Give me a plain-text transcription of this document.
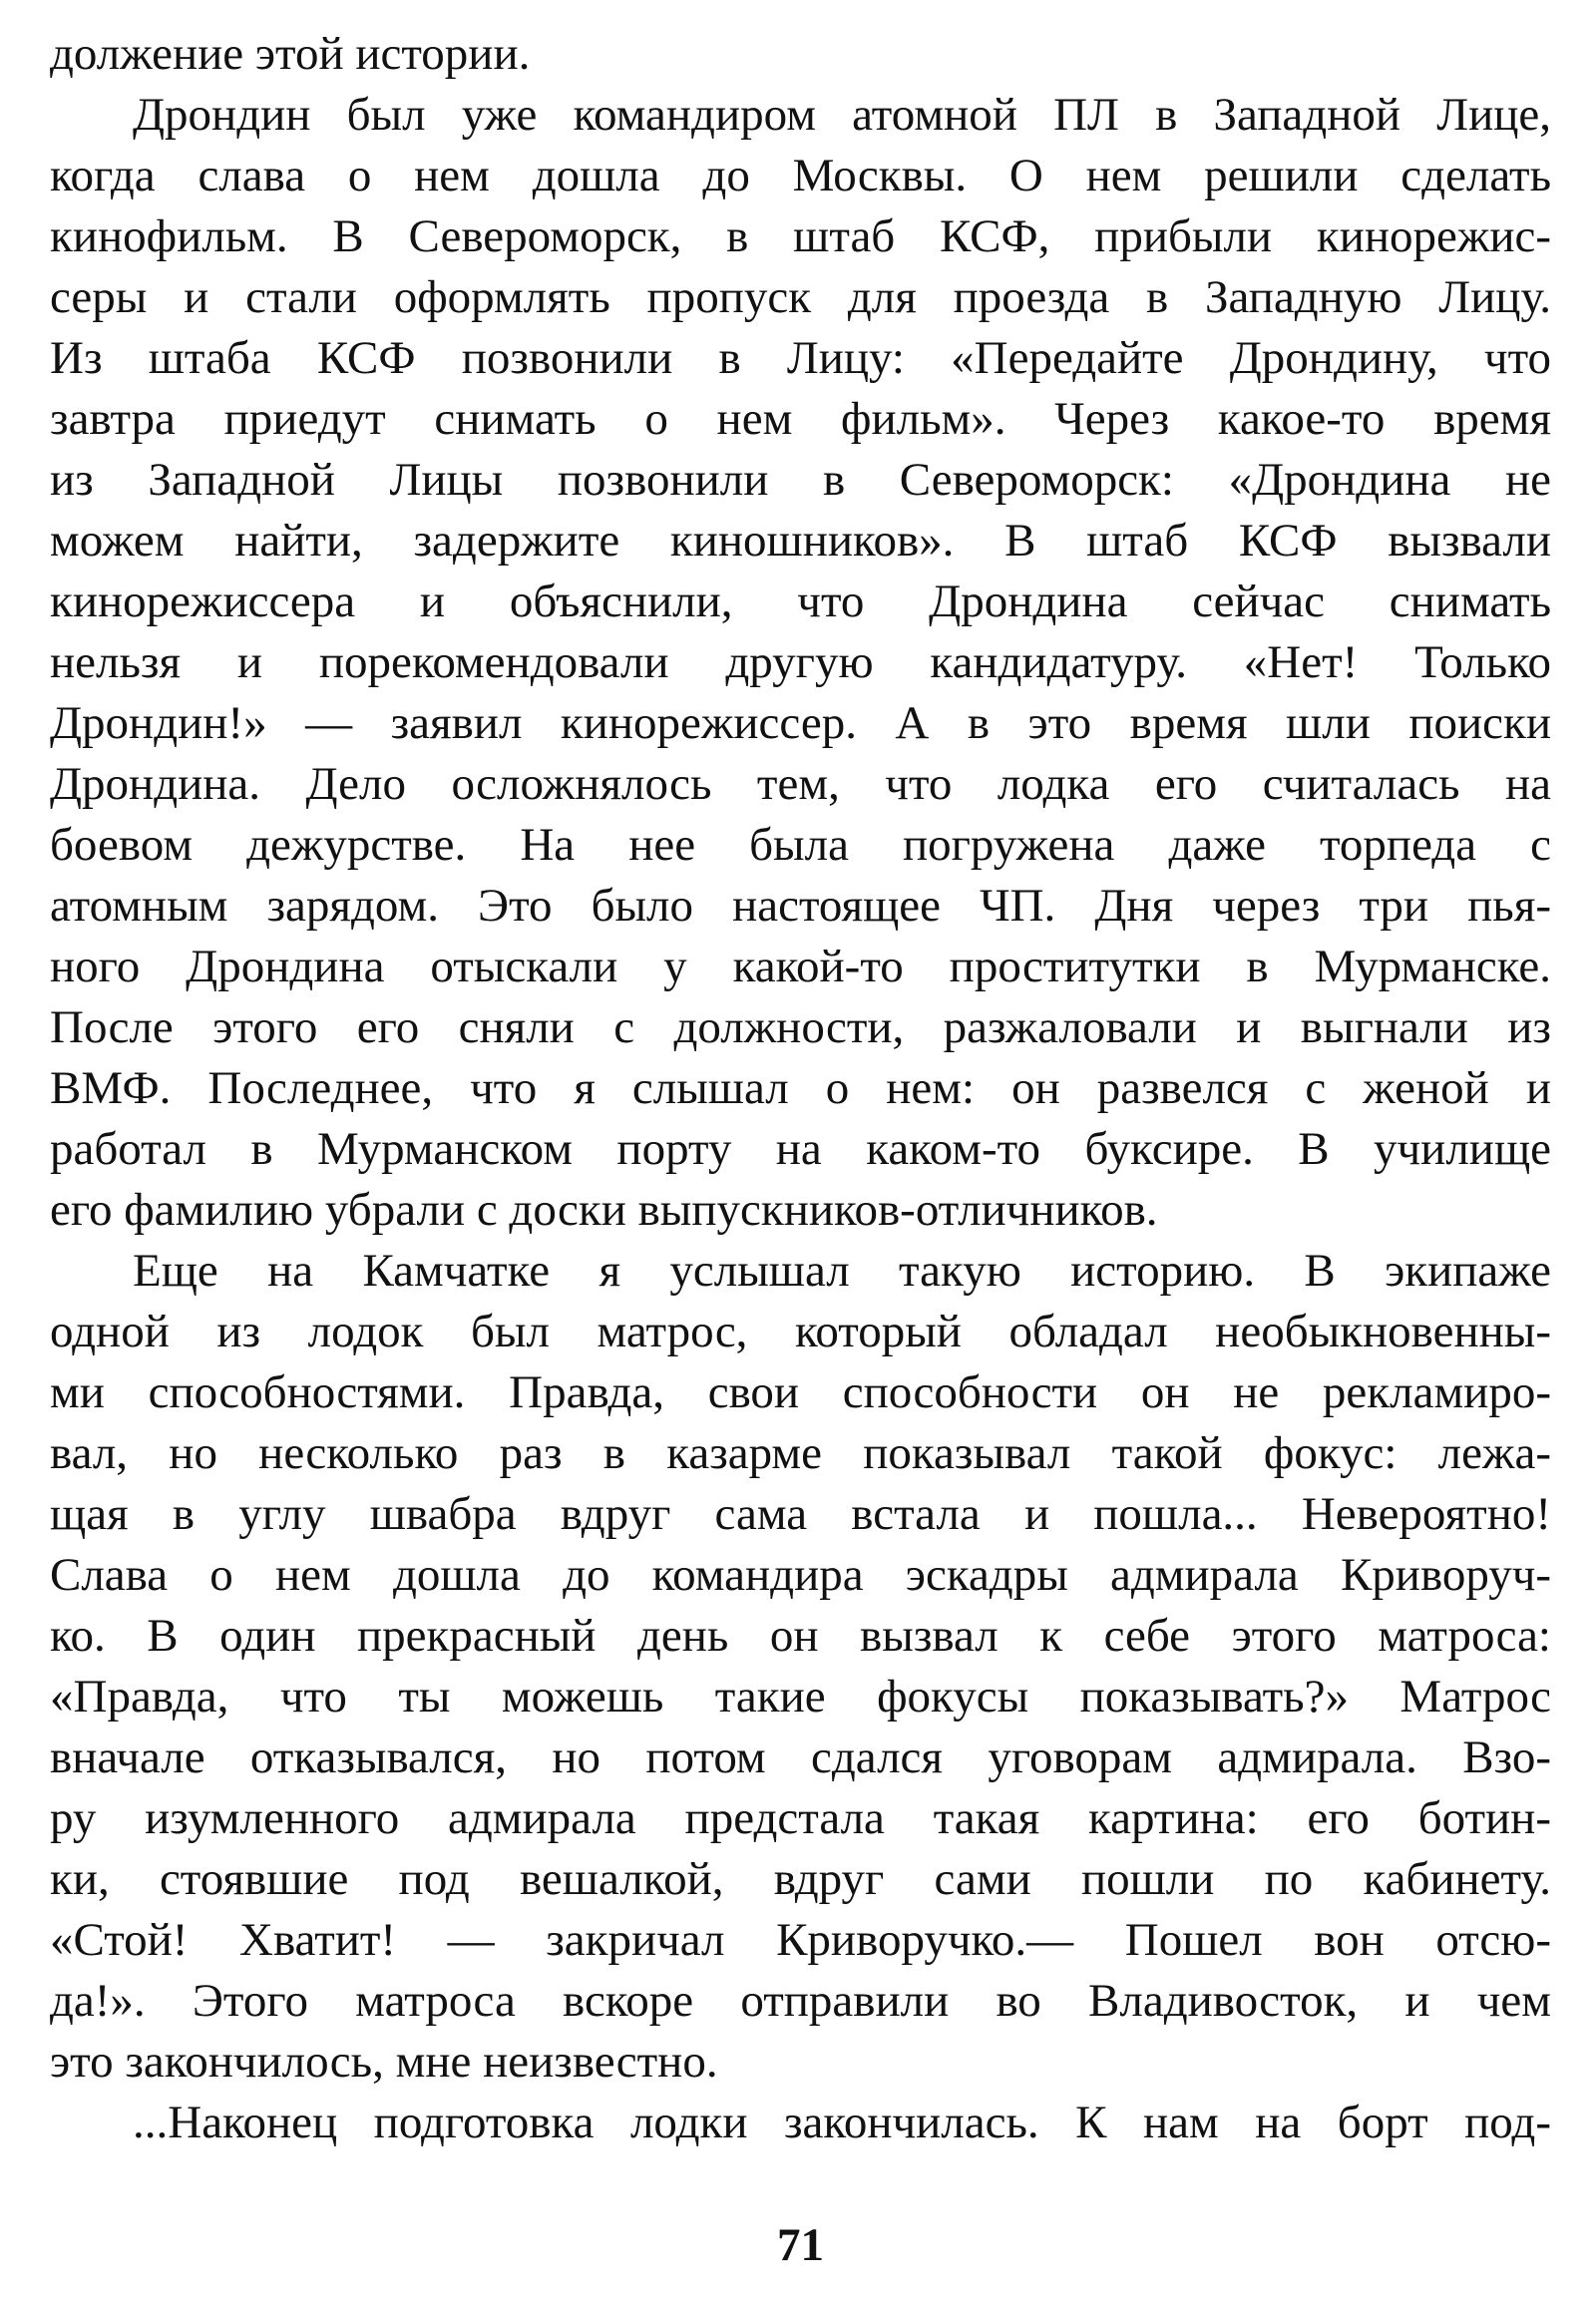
должение этой истории.
Дрондин был уже командиром атомной ПЛ в Западной Лице,
когда слава о нем дошла до Москвы. О нем решили сделать
кинофильм. В Североморск, в штаб КСФ, прибыли кинорежис-
серы и стали оформлять пропуск для проезда в Западную Лицу.
Из штаба КСФ позвонили в Лицу: «Передайте Дрондину, что
завтра приедут снимать о нем фильм». Через какое-то время
из Западной Лицы позвонили в Североморск: «Дрондина не
можем найти, задержите киношников». В штаб КСФ вызвали
кинорежиссера и объяснили, что Дрондина сейчас снимать
нельзя и порекомендовали другую кандидатуру. «Нет! Только
Дрондин!» — заявил кинорежиссер. А в это время шли поиски
Дрондина. Дело осложнялось тем, что лодка его считалась на
боевом дежурстве. На нее была погружена даже торпеда с
атомным зарядом. Это было настоящее ЧП. Дня через три пья-
ного Дрондина отыскали у какой-то проститутки в Мурманске.
После этого его сняли с должности, разжаловали и выгнали из
ВМФ. Последнее, что я слышал о нем: он развелся с женой и
работал в Мурманском порту на каком-то буксире. В училище
его фамилию убрали с доски выпускников-отличников.
Еще на Камчатке я услышал такую историю. В экипаже
одной из лодок был матрос, который обладал необыкновенны-
ми способностями. Правда, свои способности он не рекламиро-
вал, но несколько раз в казарме показывал такой фокус: лежа-
щая в углу швабра вдруг сама встала и пошла... Невероятно!
Слава о нем дошла до командира эскадры адмирала Криворуч-
ко. В один прекрасный день он вызвал к себе этого матроса:
«Правда, что ты можешь такие фокусы показывать?» Матрос
вначале отказывался, но потом сдался уговорам адмирала. Взо-
ру изумленного адмирала предстала такая картина: его ботин-
ки, стоявшие под вешалкой, вдруг сами пошли по кабинету.
«Стой! Хватит! — закричал Криворучко.— Пошел вон отсю-
да!». Этого матроса вскоре отправили во Владивосток, и чем
это закончилось, мне неизвестно.
...Наконец подготовка лодки закончилась. К нам на борт под-
71
